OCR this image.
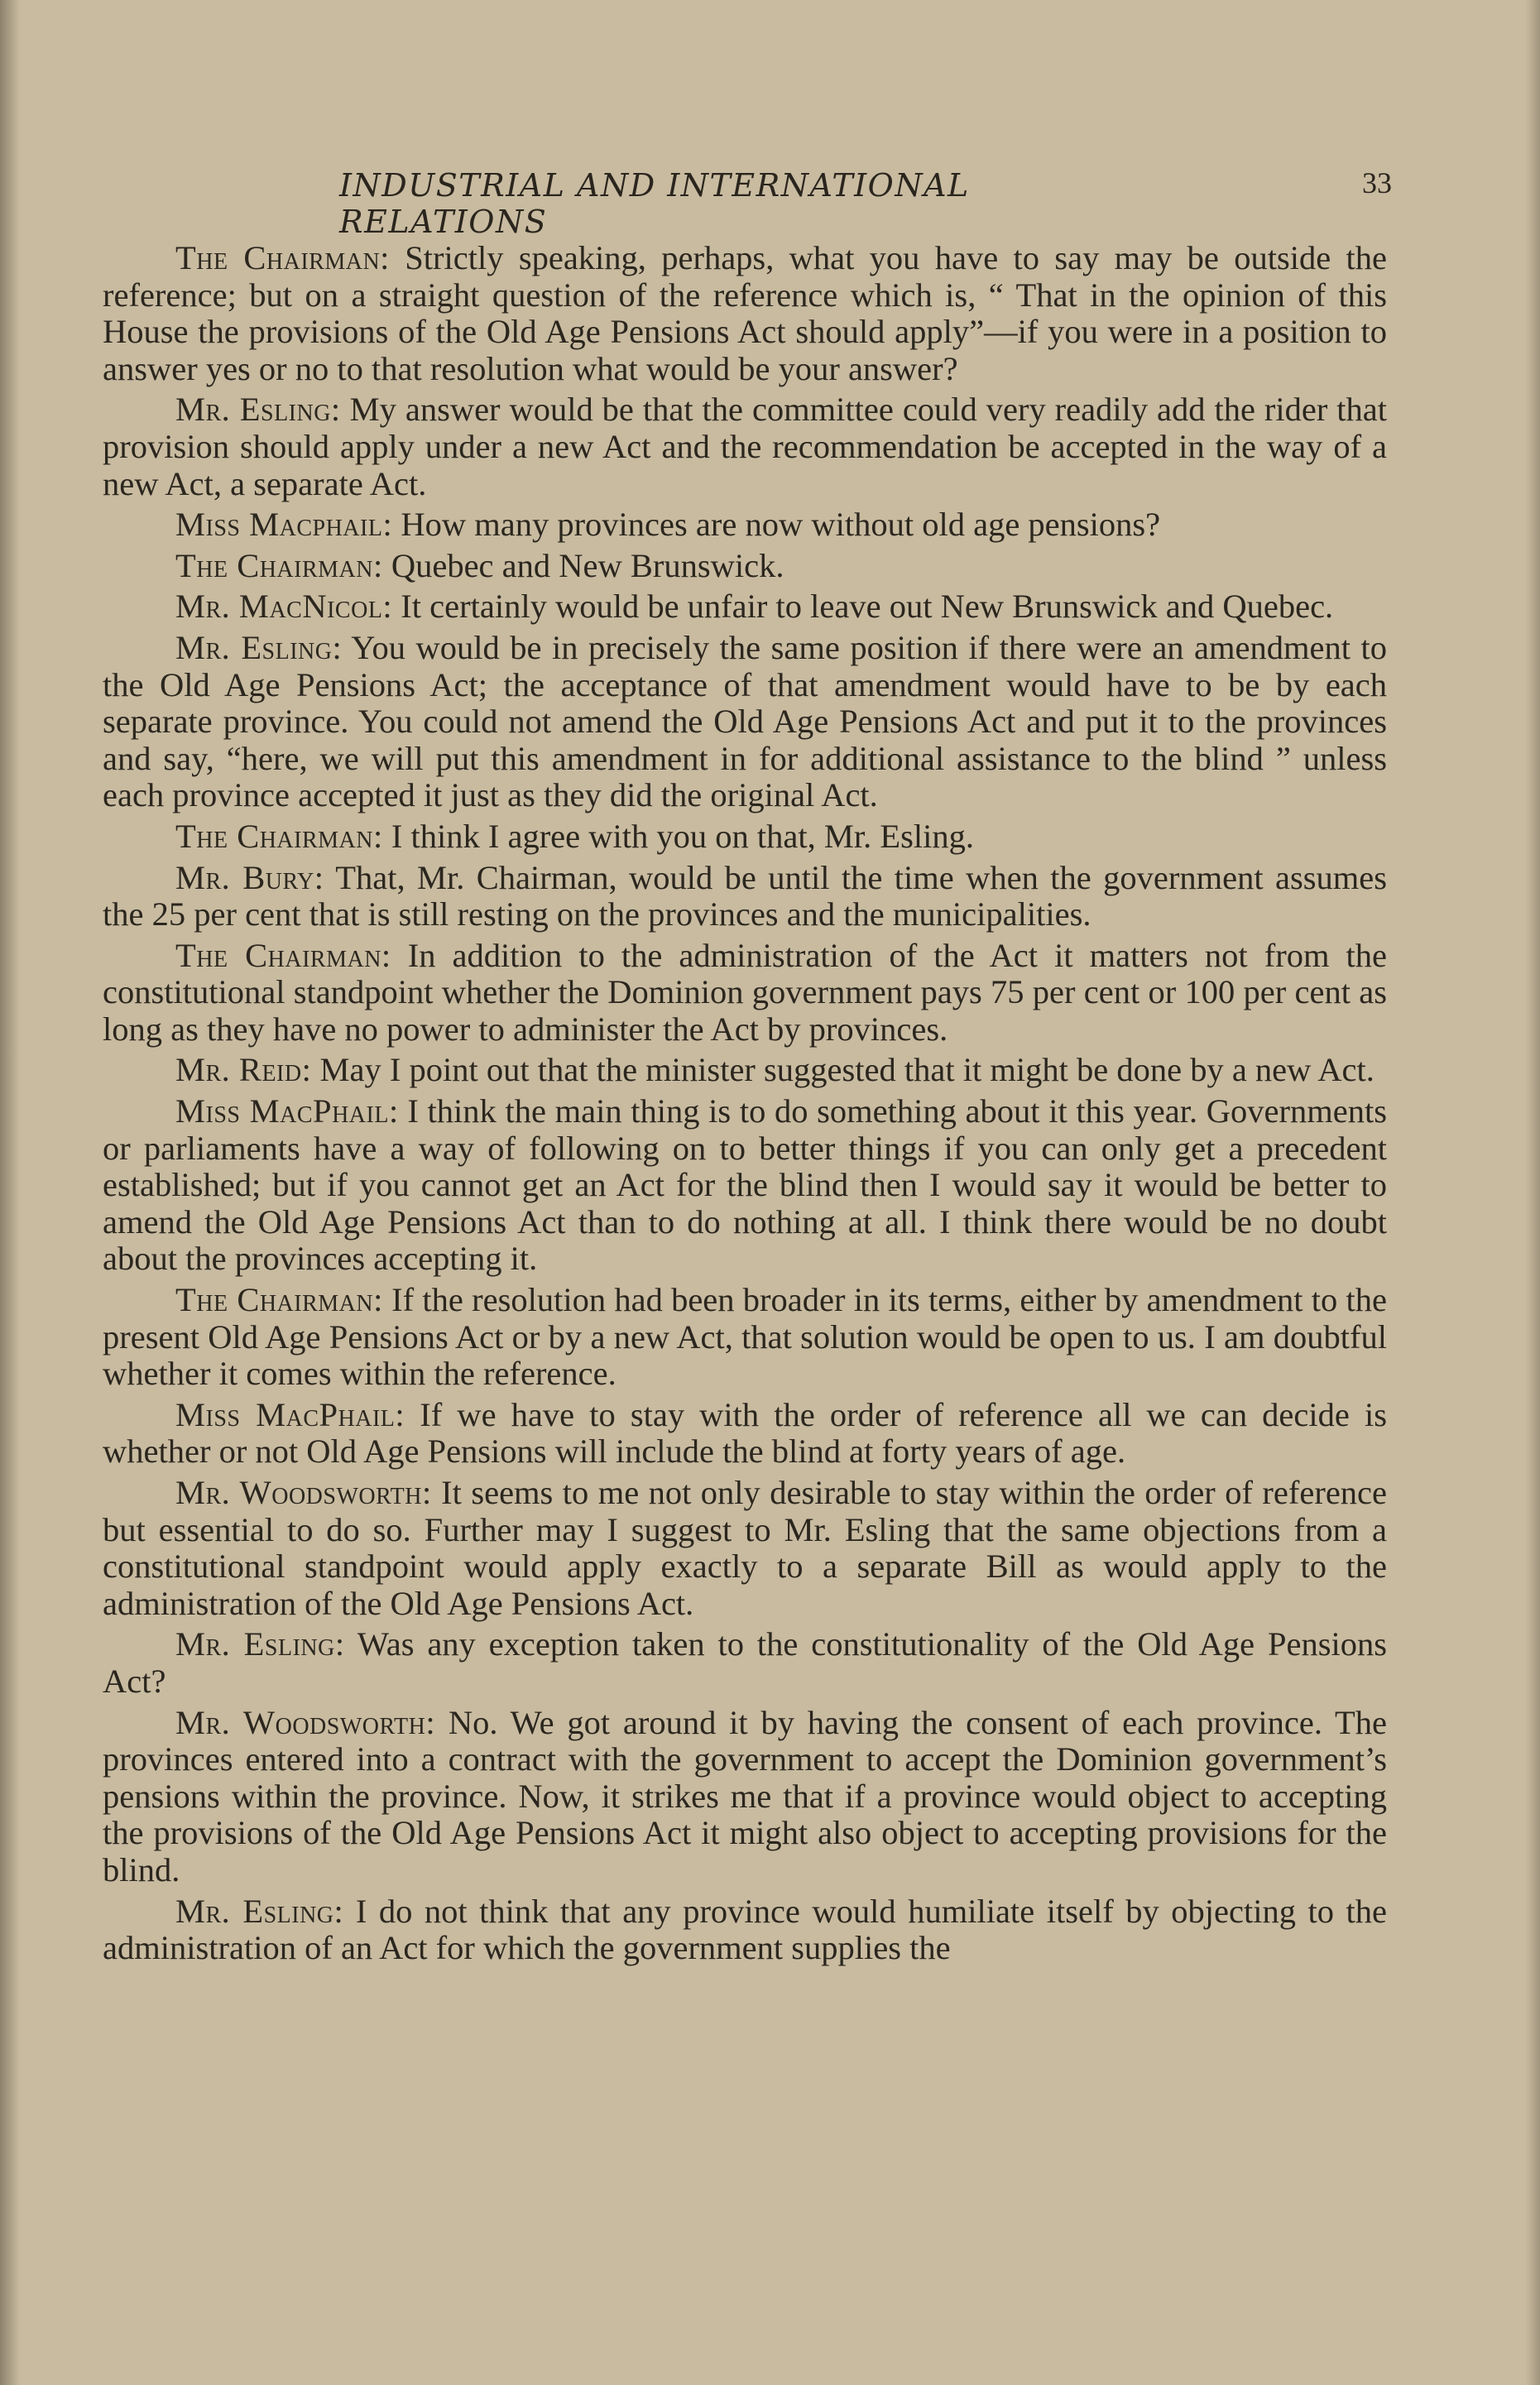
INDUSTRIAL AND INTERNATIONAL RELATIONS
33

The Chairman: Strictly speaking, perhaps, what you have to say may be outside the reference; but on a straight question of the reference which is, “ That in the opinion of this House the provisions of the Old Age Pensions Act should apply”—if you were in a position to answer yes or no to that resolution what would be your answer?

Mr. Esling: My answer would be that the committee could very readily add the rider that provision should apply under a new Act and the recommendation be accepted in the way of a new Act, a separate Act.

Miss Macphail: How many provinces are now without old age pensions?

The Chairman: Quebec and New Brunswick.

Mr. MacNicol: It certainly would be unfair to leave out New Brunswick and Quebec.

Mr. Esling: You would be in precisely the same position if there were an amendment to the Old Age Pensions Act; the acceptance of that amendment would have to be by each separate province. You could not amend the Old Age Pensions Act and put it to the provinces and say, “here, we will put this amendment in for additional assistance to the blind ” unless each province accepted it just as they did the original Act.

The Chairman: I think I agree with you on that, Mr. Esling.

Mr. Bury: That, Mr. Chairman, would be until the time when the government assumes the 25 per cent that is still resting on the provinces and the municipalities.

The Chairman: In addition to the administration of the Act it matters not from the constitutional standpoint whether the Dominion government pays 75 per cent or 100 per cent as long as they have no power to administer the Act by provinces.

Mr. Reid: May I point out that the minister suggested that it might be done by a new Act.

Miss MacPhail: I think the main thing is to do something about it this year. Governments or parliaments have a way of following on to better things if you can only get a precedent established; but if you cannot get an Act for the blind then I would say it would be better to amend the Old Age Pensions Act than to do nothing at all. I think there would be no doubt about the provinces accepting it.

The Chairman: If the resolution had been broader in its terms, either by amendment to the present Old Age Pensions Act or by a new Act, that solution would be open to us. I am doubtful whether it comes within the reference.

Miss MacPhail: If we have to stay with the order of reference all we can decide is whether or not Old Age Pensions will include the blind at forty years of age.

Mr. Woodsworth: It seems to me not only desirable to stay within the order of reference but essential to do so. Further may I suggest to Mr. Esling that the same objections from a constitutional standpoint would apply exactly to a separate Bill as would apply to the administration of the Old Age Pensions Act.

Mr. Esling: Was any exception taken to the constitutionality of the Old Age Pensions Act?

Mr. Woodsworth: No. We got around it by having the consent of each province. The provinces entered into a contract with the government to accept the Dominion government’s pensions within the province. Now, it strikes me that if a province would object to accepting the provisions of the Old Age Pensions Act it might also object to accepting provisions for the blind.

Mr. Esling: I do not think that any province would humiliate itself by objecting to the administration of an Act for which the government supplies the
